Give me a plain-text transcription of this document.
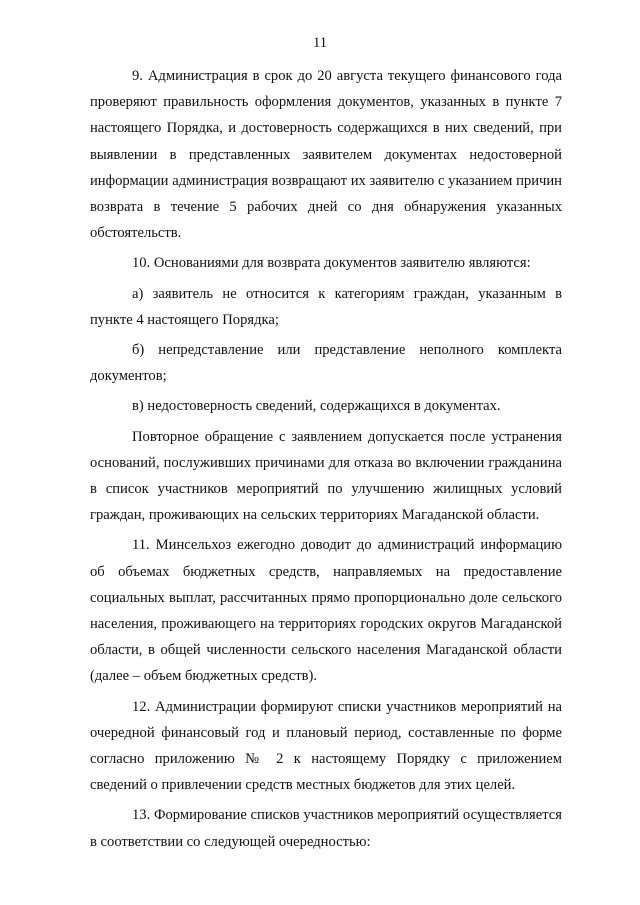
11

9. Администрация в срок до 20 августа текущего финансового года проверяют правильность оформления документов, указанных в пункте 7 настоящего Порядка, и достоверность содержащихся в них сведений, при выявлении в представленных заявителем документах недостоверной информации администрация возвращают их заявителю с указанием причин возврата в течение 5 рабочих дней со дня обнаружения указанных обстоятельств.

10. Основаниями для возврата документов заявителю являются:

а) заявитель не относится к категориям граждан, указанным в пункте 4 настоящего Порядка;

б) непредставление или представление неполного комплекта документов;

в) недостоверность сведений, содержащихся в документах.

Повторное обращение с заявлением допускается после устранения оснований, послуживших причинами для отказа во включении гражданина в список участников мероприятий по улучшению жилищных условий граждан, проживающих на сельских территориях Магаданской области.

11. Минсельхоз ежегодно доводит до администраций информацию об объемах бюджетных средств, направляемых на предоставление социальных выплат, рассчитанных прямо пропорционально доле сельского населения, проживающего на территориях городских округов Магаданской области, в общей численности сельского населения Магаданской области (далее – объем бюджетных средств).

12. Администрации формируют списки участников мероприятий на очередной финансовый год и плановый период, составленные по форме согласно приложению № 2 к настоящему Порядку с приложением сведений о привлечении средств местных бюджетов для этих целей.

13. Формирование списков участников мероприятий осуществляется в соответствии со следующей очередностью:
